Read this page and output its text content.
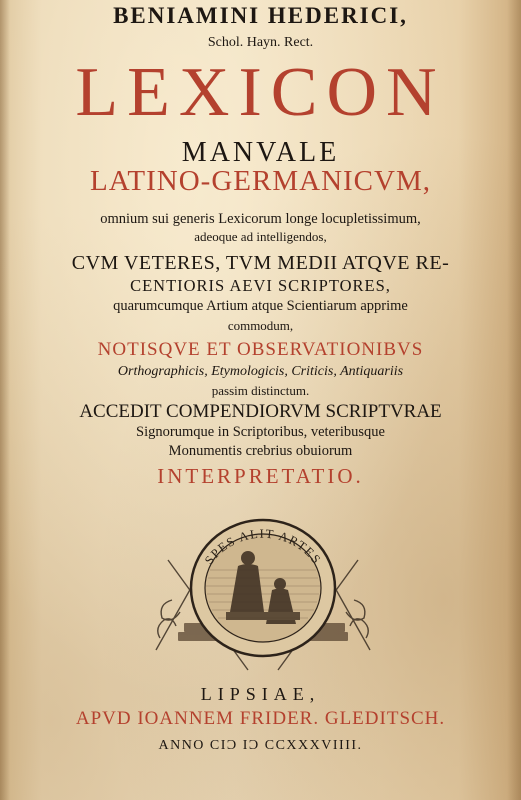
BENIAMINI HEDERICI,
Schol. Hayn. Rect.
LEXICON
MANVALE
LATINO-GERMANICVM,
omnium sui generis Lexicorum longe locupletissimum,
adeoque ad intelligendos,
CVM VETERES, TVM MEDII ATQVE RE-
CENTIORIS AEVI SCRIPTORES,
quarumcumque Artium atque Scientiarum apprime
commodum,
NOTISQVE ET OBSERVATIONIBVS
Orthographicis, Etymologicis, Criticis, Antiquariis
passim distinctum.
ACCEDIT COMPENDIORVM SCRIPTVRAE
Signorumque in Scriptoribus, veteribusque
Monumentis crebrius obuiorum
INTERPRETATIO.
SPES ALIT ARTES
LIPSIAE,
APVD IOANNEM FRIDER. GLEDITSCH.
ANNO CIϽ IϽ CCXXXVIIII.
